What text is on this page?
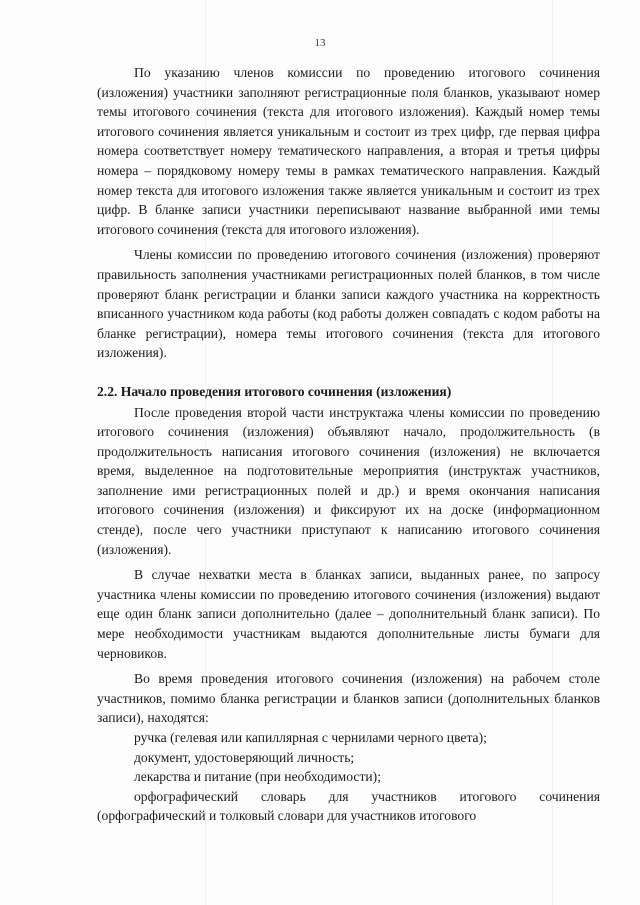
13

По указанию членов комиссии по проведению итогового сочинения (изложения) участники заполняют регистрационные поля бланков, указывают номер темы итогового сочинения (текста для итогового изложения). Каждый номер темы итогового сочинения является уникальным и состоит из трех цифр, где первая цифра номера соответствует номеру тематического направления, а вторая и третья цифры номера – порядковому номеру темы в рамках тематического направления. Каждый номер текста для итогового изложения также является уникальным и состоит из трех цифр. В бланке записи участники переписывают название выбранной ими темы итогового сочинения (текста для итогового изложения).

Члены комиссии по проведению итогового сочинения (изложения) проверяют правильность заполнения участниками регистрационных полей бланков, в том числе проверяют бланк регистрации и бланки записи каждого участника на корректность вписанного участником кода работы (код работы должен совпадать с кодом работы на бланке регистрации), номера темы итогового сочинения (текста для итогового изложения).

2.2. Начало проведения итогового сочинения (изложения)

После проведения второй части инструктажа члены комиссии по проведению итогового сочинения (изложения) объявляют начало, продолжительность (в продолжительность написания итогового сочинения (изложения) не включается время, выделенное на подготовительные мероприятия (инструктаж участников, заполнение ими регистрационных полей и др.) и время окончания написания итогового сочинения (изложения) и фиксируют их на доске (информационном стенде), после чего участники приступают к написанию итогового сочинения (изложения).

В случае нехватки места в бланках записи, выданных ранее, по запросу участника члены комиссии по проведению итогового сочинения (изложения) выдают еще один бланк записи дополнительно (далее – дополнительный бланк записи). По мере необходимости участникам выдаются дополнительные листы бумаги для черновиков.

Во время проведения итогового сочинения (изложения) на рабочем столе участников, помимо бланка регистрации и бланков записи (дополнительных бланков записи), находятся:

ручка (гелевая или капиллярная с чернилами черного цвета);

документ, удостоверяющий личность;

лекарства и питание (при необходимости);

орфографический словарь для участников итогового сочинения (орфографический и толковый словари для участников итогового
